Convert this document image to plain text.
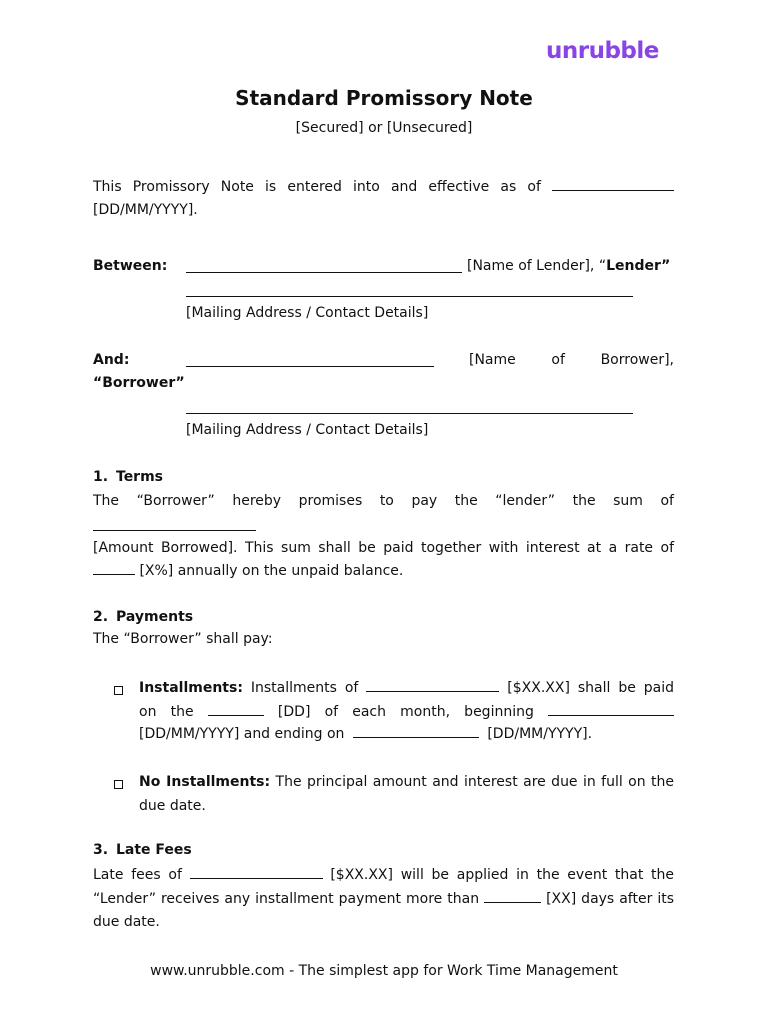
unrubble
Standard Promissory Note
[Secured] or [Unsecured]
This Promissory Note is entered into and effective as of
[DD/MM/YYYY].
Between:	[Name of Lender], “Lender”
[Mailing Address / Contact Details]
And:	[Name of Borrower],
“Borrower”
[Mailing Address / Contact Details]
1. Terms
The “Borrower” hereby promises to pay the “lender” the sum of
[Amount Borrowed]. This sum shall be paid together with interest at a rate of
[X%] annually on the unpaid balance.
2. Payments
The “Borrower” shall pay:
Installments: Installments of	[$XX.XX] shall be paid
on the	[DD] of each month, beginning
[DD/MM/YYYY] and ending on	[DD/MM/YYYY].
No Installments: The principal amount and interest are due in full on the due date.
3. Late Fees
Late fees of	[$XX.XX] will be applied in the event that the “Lender” receives any installment payment more than	[XX] days after its due date.
www.unrubble.com - The simplest app for Work Time Management
